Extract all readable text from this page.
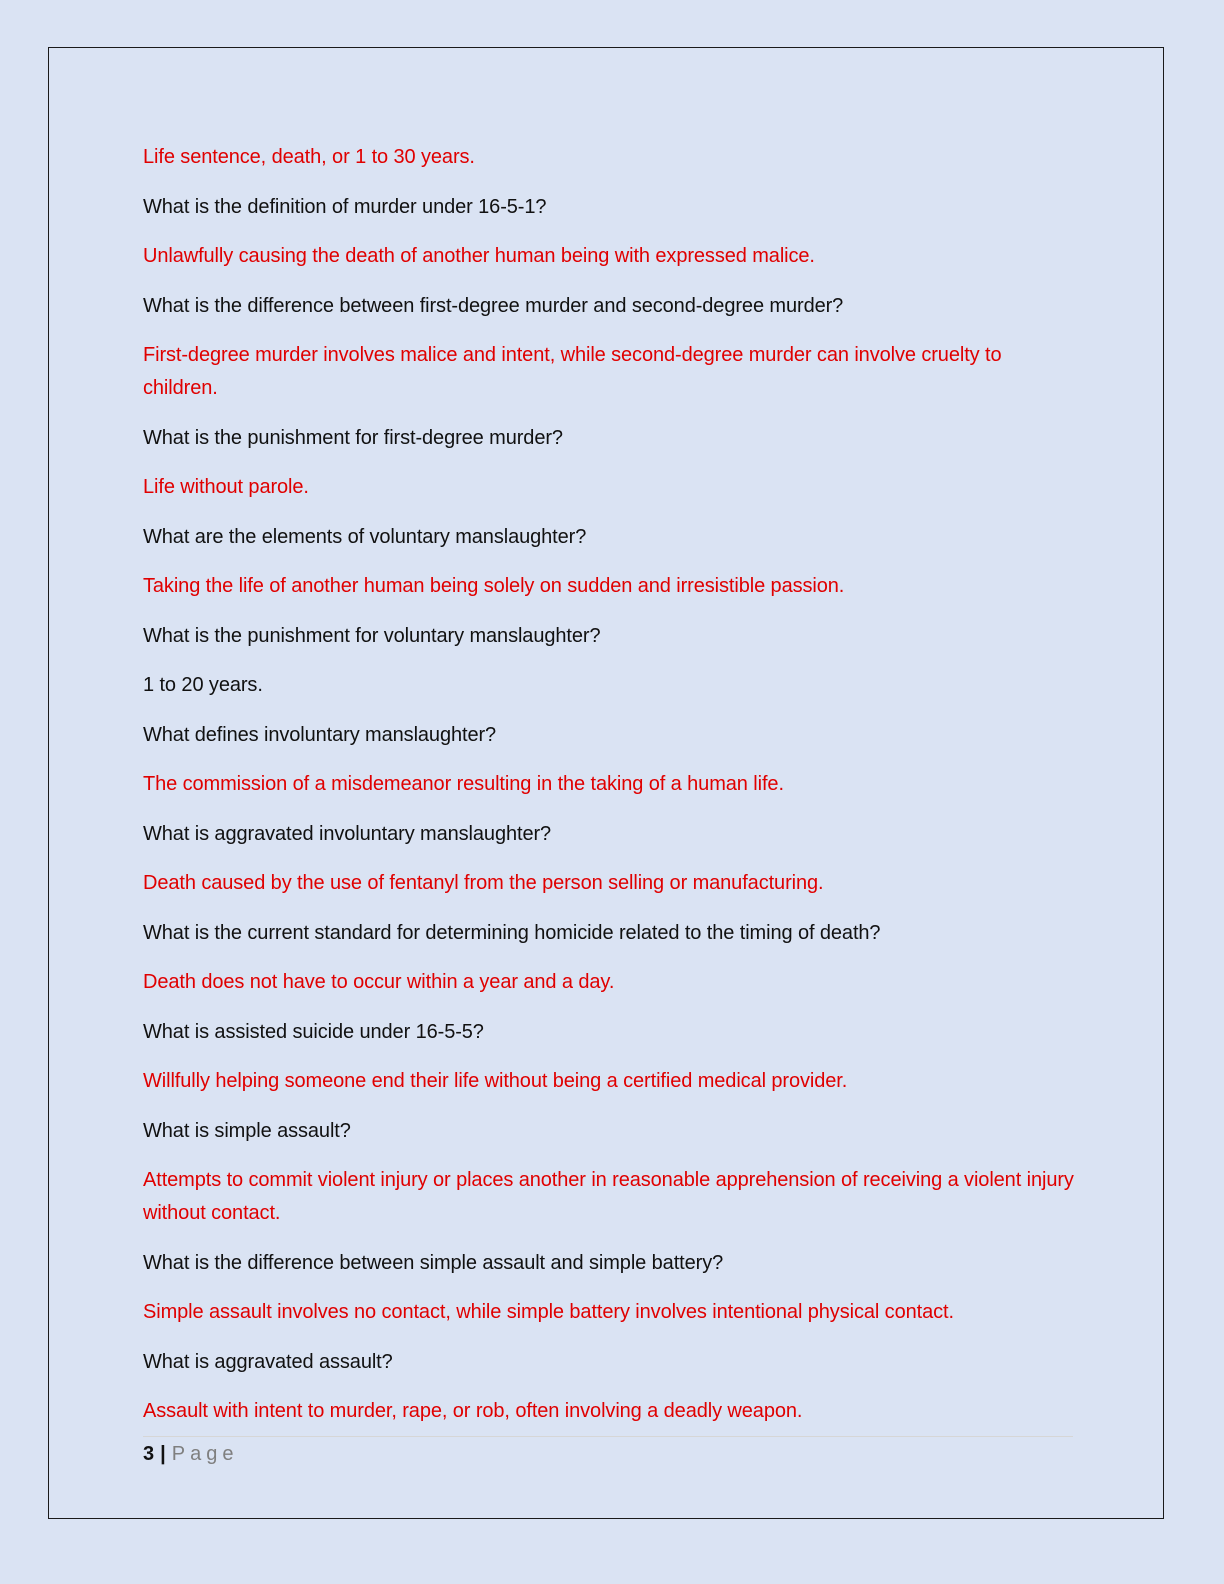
Life sentence, death, or 1 to 30 years.

What is the definition of murder under 16-5-1?

Unlawfully causing the death of another human being with expressed malice.

What is the difference between first-degree murder and second-degree murder?

First-degree murder involves malice and intent, while second-degree murder can involve cruelty to children.

What is the punishment for first-degree murder?

Life without parole.

What are the elements of voluntary manslaughter?

Taking the life of another human being solely on sudden and irresistible passion.

What is the punishment for voluntary manslaughter?

1 to 20 years.

What defines involuntary manslaughter?

The commission of a misdemeanor resulting in the taking of a human life.

What is aggravated involuntary manslaughter?

Death caused by the use of fentanyl from the person selling or manufacturing.

What is the current standard for determining homicide related to the timing of death?

Death does not have to occur within a year and a day.

What is assisted suicide under 16-5-5?

Willfully helping someone end their life without being a certified medical provider.

What is simple assault?

Attempts to commit violent injury or places another in reasonable apprehension of receiving a violent injury without contact.

What is the difference between simple assault and simple battery?

Simple assault involves no contact, while simple battery involves intentional physical contact.

What is aggravated assault?

Assault with intent to murder, rape, or rob, often involving a deadly weapon.

3 | Page
